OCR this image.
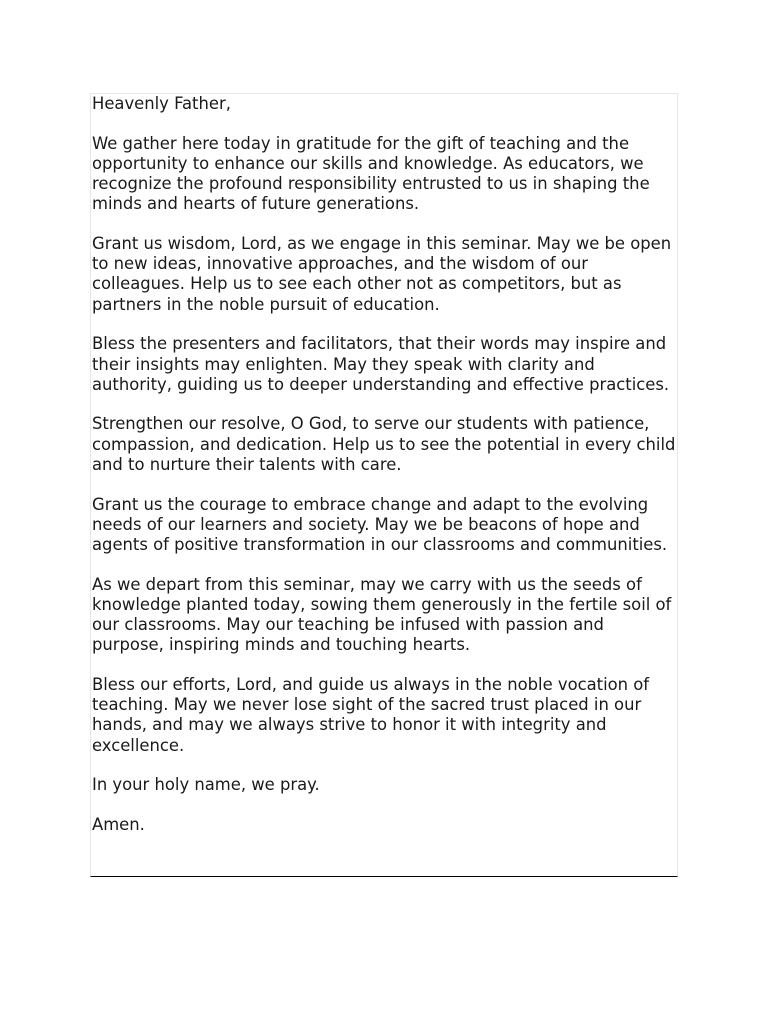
Heavenly Father,

We gather here today in gratitude for the gift of teaching and the opportunity to enhance our skills and knowledge. As educators, we recognize the profound responsibility entrusted to us in shaping the minds and hearts of future generations.

Grant us wisdom, Lord, as we engage in this seminar. May we be open to new ideas, innovative approaches, and the wisdom of our colleagues. Help us to see each other not as competitors, but as partners in the noble pursuit of education.

Bless the presenters and facilitators, that their words may inspire and their insights may enlighten. May they speak with clarity and authority, guiding us to deeper understanding and effective practices.

Strengthen our resolve, O God, to serve our students with patience, compassion, and dedication. Help us to see the potential in every child and to nurture their talents with care.

Grant us the courage to embrace change and adapt to the evolving needs of our learners and society. May we be beacons of hope and agents of positive transformation in our classrooms and communities.

As we depart from this seminar, may we carry with us the seeds of knowledge planted today, sowing them generously in the fertile soil of our classrooms. May our teaching be infused with passion and purpose, inspiring minds and touching hearts.

Bless our efforts, Lord, and guide us always in the noble vocation of teaching. May we never lose sight of the sacred trust placed in our hands, and may we always strive to honor it with integrity and excellence.

In your holy name, we pray.

Amen.
